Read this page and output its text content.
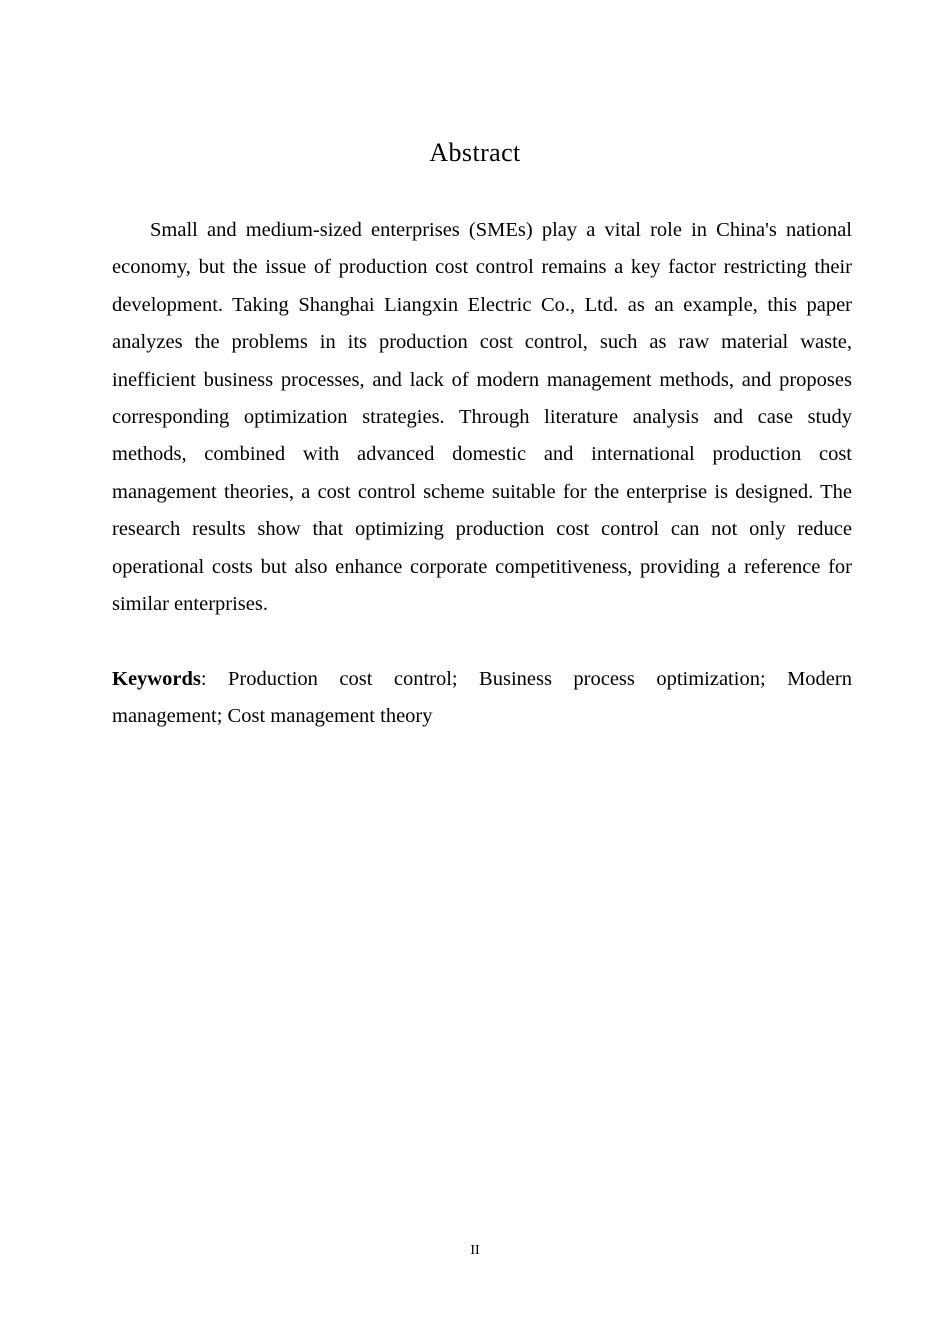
Abstract

Small and medium-sized enterprises (SMEs) play a vital role in China's national economy, but the issue of production cost control remains a key factor restricting their development. Taking Shanghai Liangxin Electric Co., Ltd. as an example, this paper analyzes the problems in its production cost control, such as raw material waste, inefficient business processes, and lack of modern management methods, and proposes corresponding optimization strategies. Through literature analysis and case study methods, combined with advanced domestic and international production cost management theories, a cost control scheme suitable for the enterprise is designed. The research results show that optimizing production cost control can not only reduce operational costs but also enhance corporate competitiveness, providing a reference for similar enterprises.

Keywords: Production cost control; Business process optimization; Modern management; Cost management theory

II
